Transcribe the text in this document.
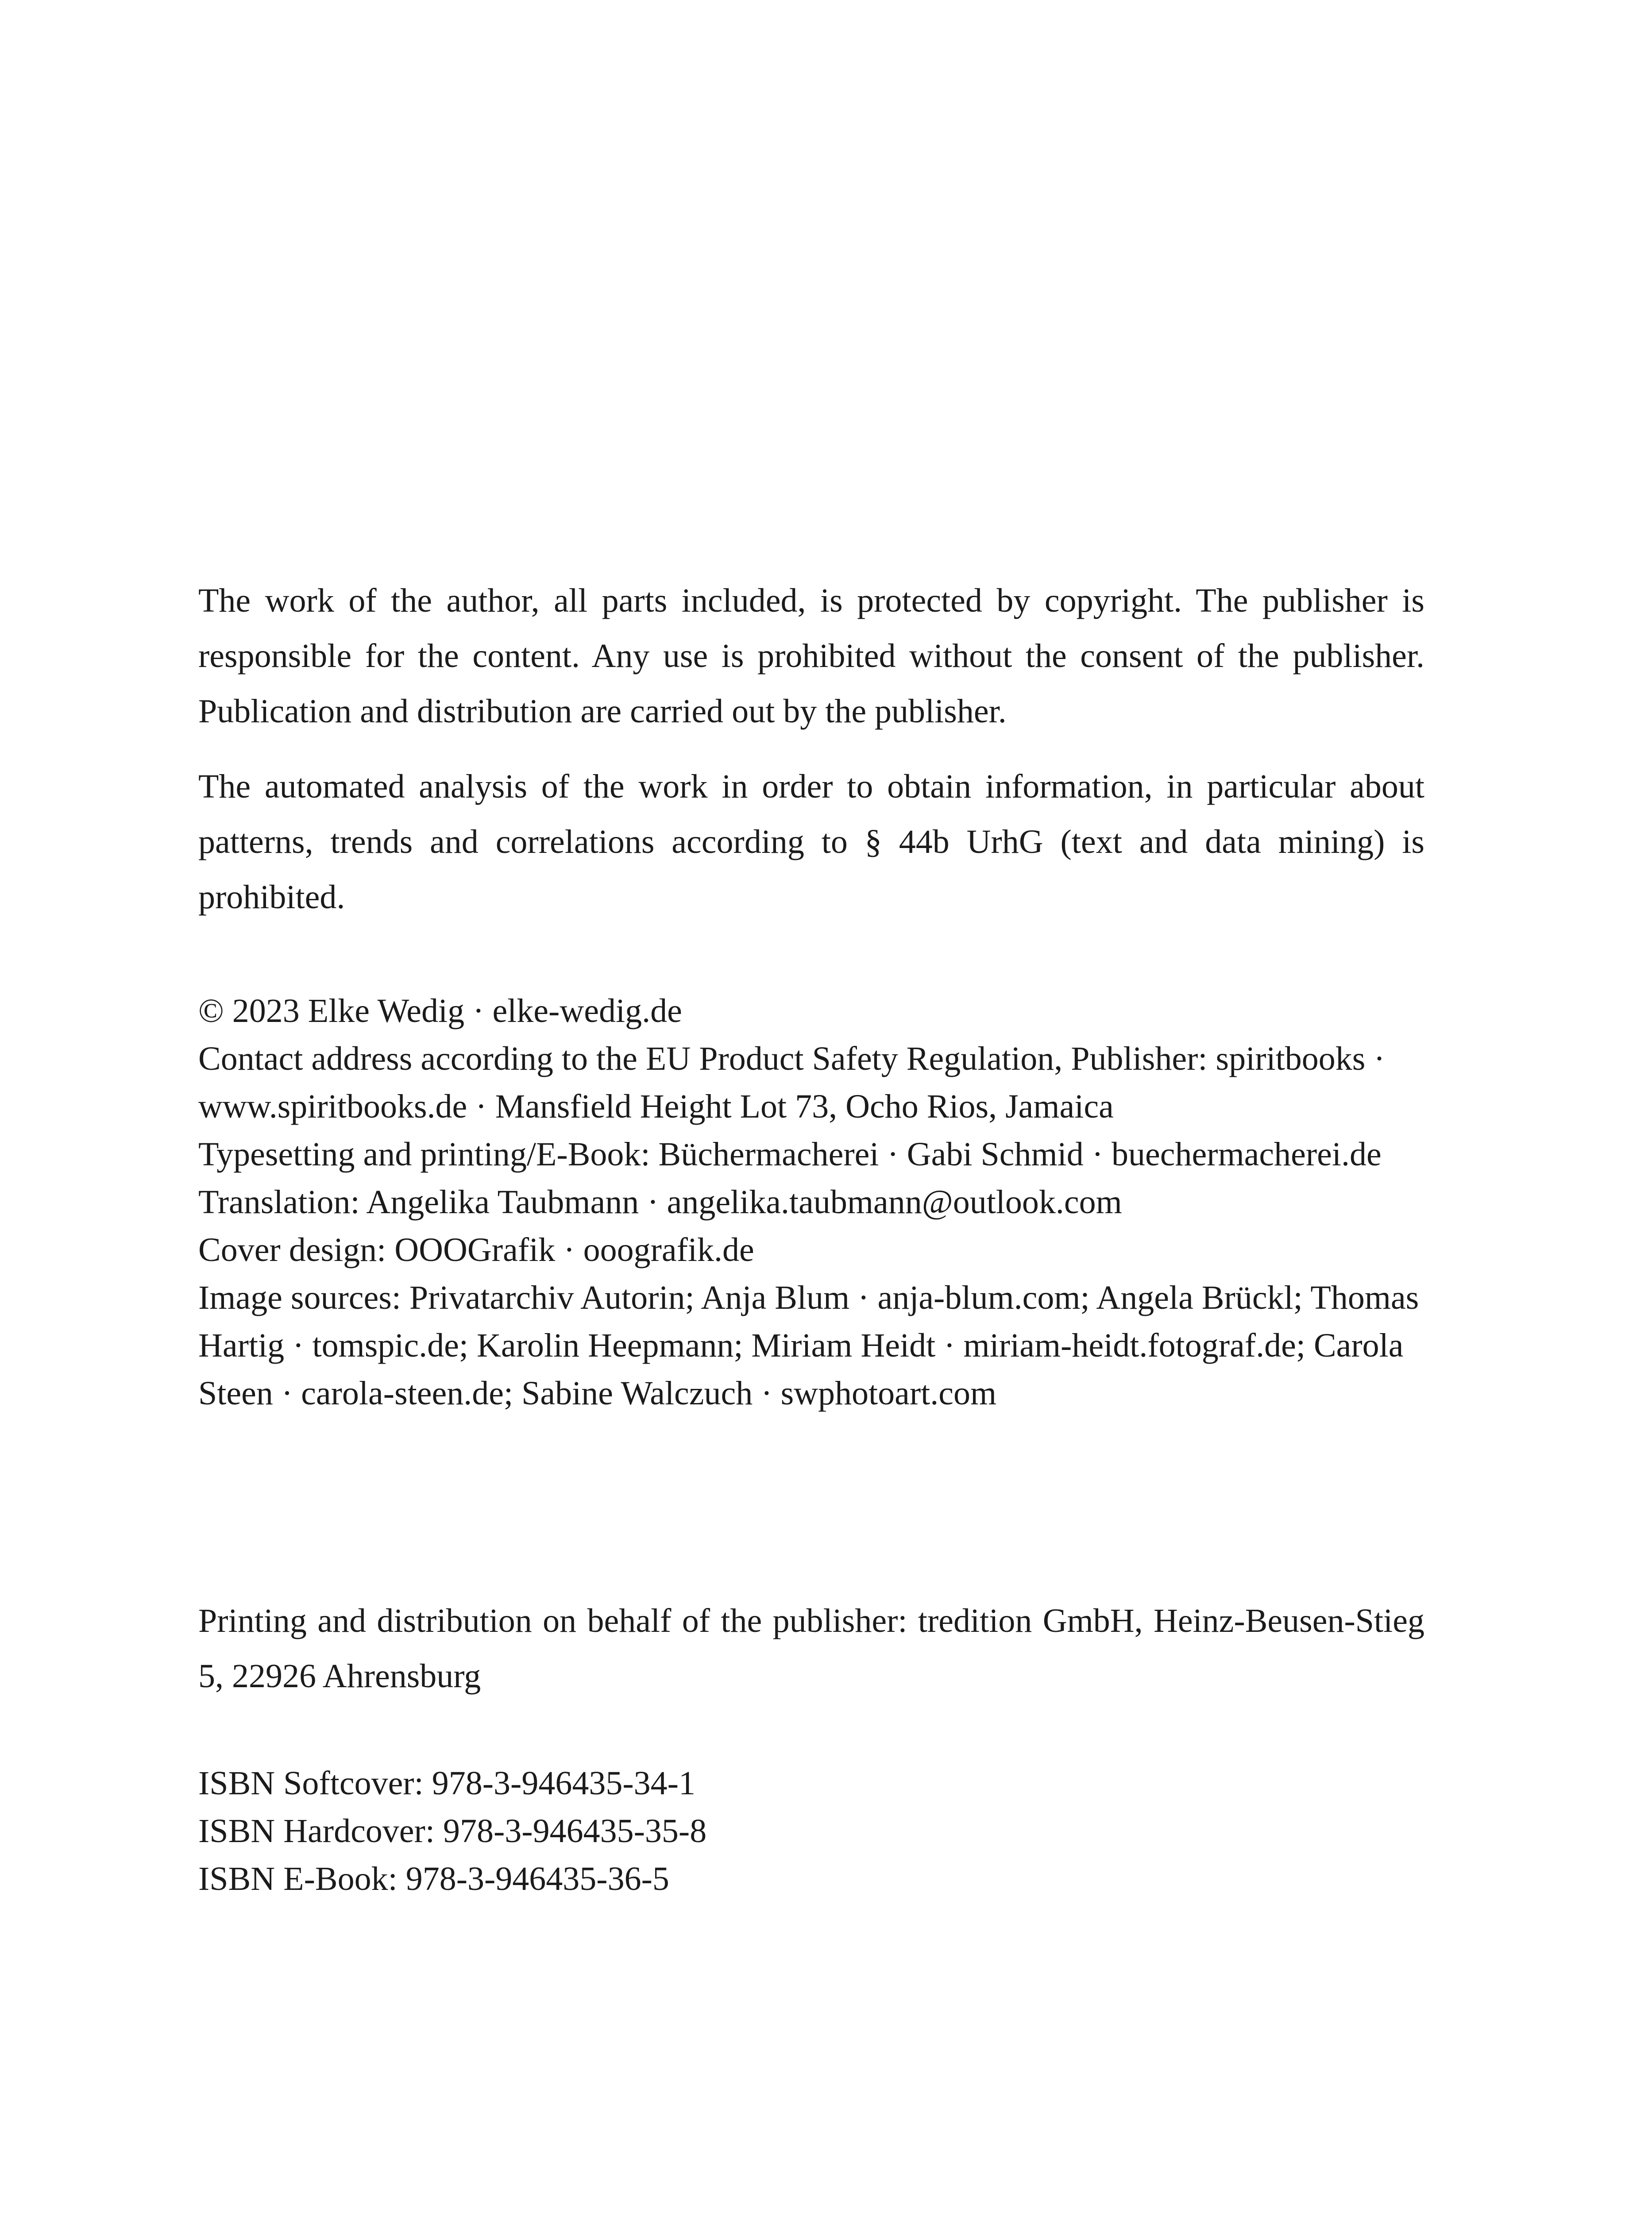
The work of the author, all parts included, is protected by copyright. The publisher is responsible for the content. Any use is prohibited without the consent of the publisher. Publication and distribution are carried out by the publisher.

The automated analysis of the work in order to obtain information, in particular about patterns, trends and correlations according to § 44b UrhG (text and data mining) is prohibited.

© 2023 Elke Wedig · elke-wedig.de
Contact address according to the EU Product Safety Regulation, Publisher: spiritbooks · www.spiritbooks.de · Mansfield Height Lot 73, Ocho Rios, Jamaica
Typesetting and printing/E-Book: Büchermacherei · Gabi Schmid · buechermacherei.de
Translation: Angelika Taubmann · angelika.taubmann@outlook.com
Cover design: OOOGrafik · ooografik.de
Image sources: Privatarchiv Autorin; Anja Blum · anja-blum.com; Angela Brückl; Thomas Hartig · tomspic.de; Karolin Heepmann; Miriam Heidt · miriam-heidt.fotograf.de; Carola Steen · carola-steen.de; Sabine Walczuch · swphotoart.com

Printing and distribution on behalf of the publisher: tredition GmbH, Heinz-Beusen-Stieg 5, 22926 Ahrensburg

ISBN Softcover: 978-3-946435-34-1
ISBN Hardcover: 978-3-946435-35-8
ISBN E-Book: 978-3-946435-36-5
